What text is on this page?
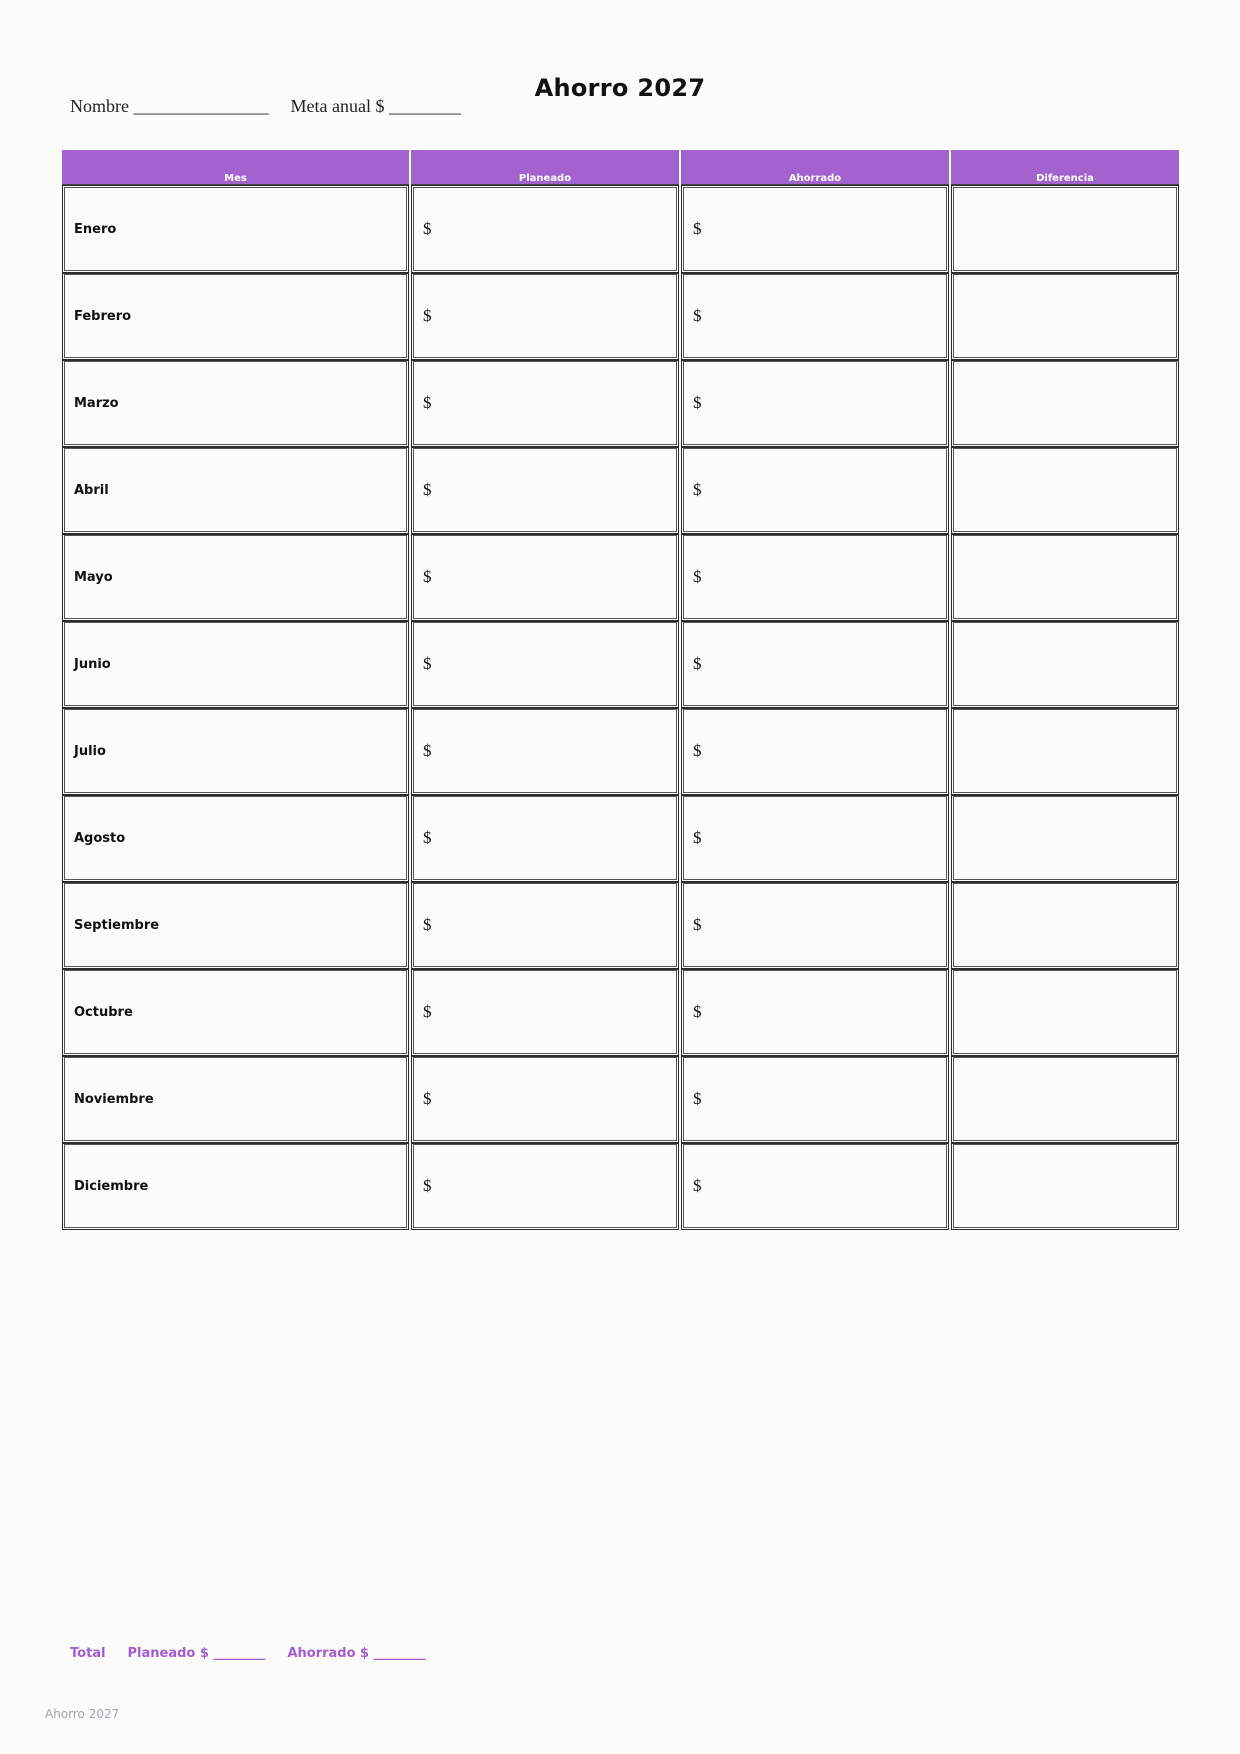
Nombre _______________ Meta anual $ ________
Ahorro 2027
Mes	Planeado	Ahorrado	Diferencia
Enero	$	$	
Febrero	$	$	
Marzo	$	$	
Abril	$	$	
Mayo	$	$	
Junio	$	$	
Julio	$	$	
Agosto	$	$	
Septiembre	$	$	
Octubre	$	$	
Noviembre	$	$	
Diciembre	$	$	
Total Planeado $ ________ Ahorrado $ ________
Ahorro 2027
